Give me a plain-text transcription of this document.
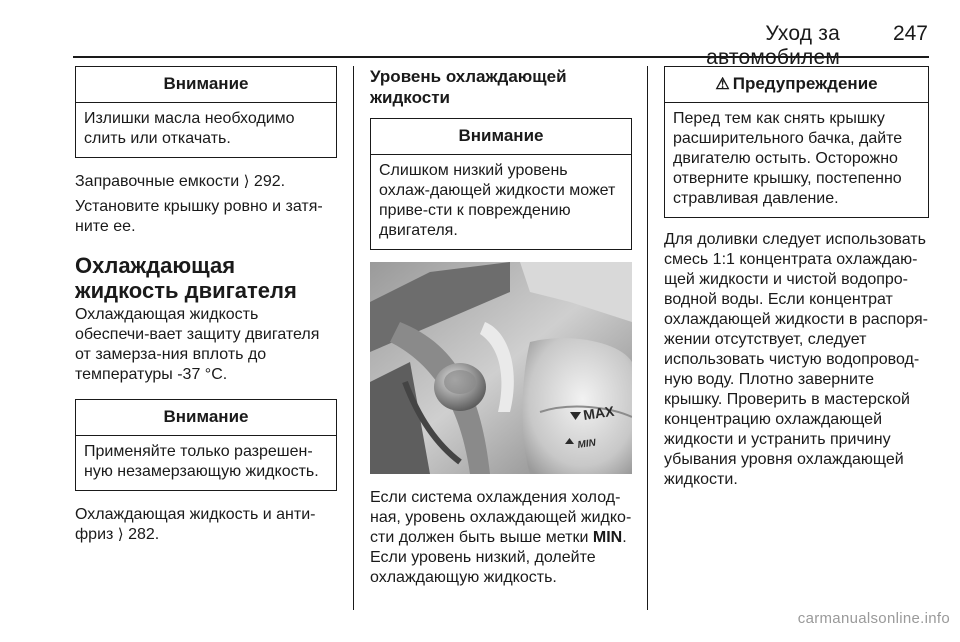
Уход за автомобилем
247
Внимание
Излишки масла необходимо слить или откачать.

Заправочные емкости ⟩ 292.

Установите крышку ровно и затя-ните ее.

Охлаждающая жидкость двигателя

Охлаждающая жидкость обеспечи-вает защиту двигателя от замерза-ния вплоть до температуры -37 °C.

Внимание
Применяйте только разрешен-ную незамерзающую жидкость.

Охлаждающая жидкость и анти-фриз ⟩ 282.

Уровень охлаждающей жидкости
Внимание
Слишком низкий уровень охлаж-дающей жидкости может приве-сти к повреждению двигателя.
MAX
MIN

Если система охлаждения холод-ная, уровень охлаждающей жидко-сти должен быть выше метки MIN. Если уровень низкий, долейте охлаждающую жидкость.

⚠ Предупреждение
Перед тем как снять крышку расширительного бачка, дайте двигателю остыть. Осторожно отверните крышку, постепенно стравливая давление.

Для доливки следует использовать смесь 1:1 концентрата охлаждаю-щей жидкости и чистой водопро-водной воды. Если концентрат охлаждающей жидкости в распоря-жении отсутствует, следует использовать чистую водопровод-ную воду. Плотно заверните крышку. Проверить в мастерской концентрацию охлаждающей жидкости и устранить причину убывания уровня охлаждающей жидкости.

carmanualsonline.info
